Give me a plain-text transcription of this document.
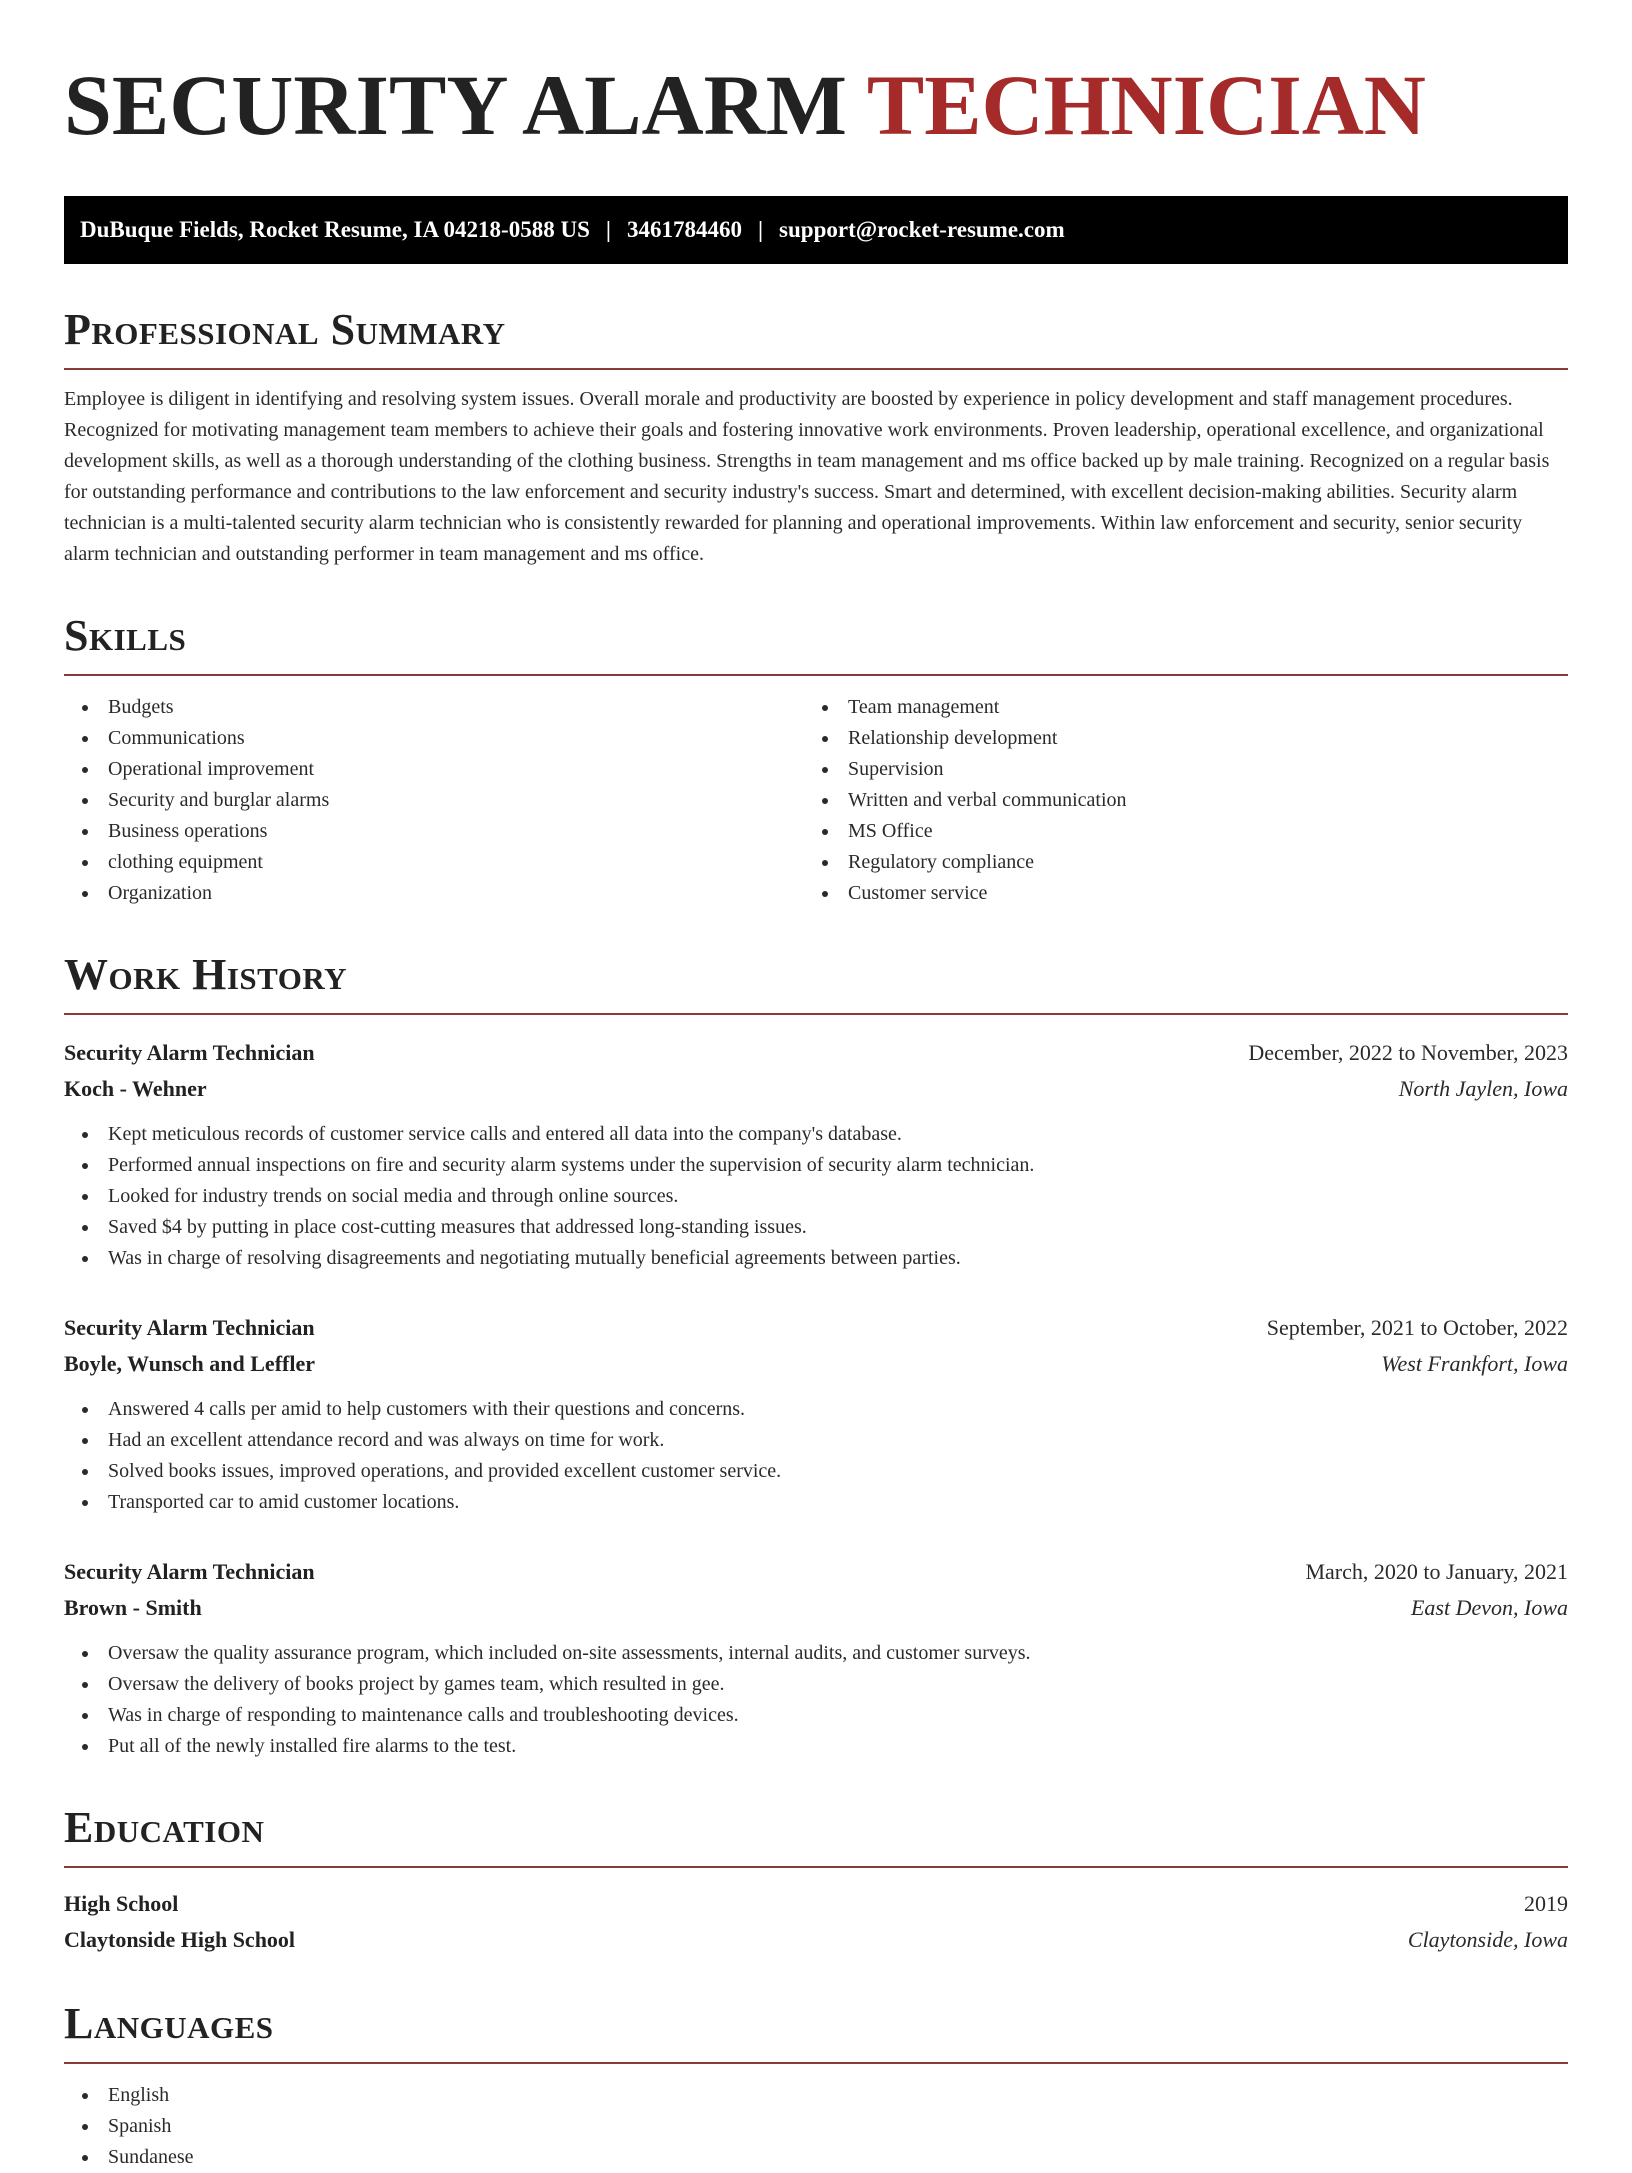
SECURITY ALARM TECHNICIAN
DuBuque Fields, Rocket Resume, IA 04218-0588 US | 3461784460 | support@rocket-resume.com
Professional Summary

Employee is diligent in identifying and resolving system issues. Overall morale and productivity are boosted by experience in policy development and staff management procedures. Recognized for motivating management team members to achieve their goals and fostering innovative work environments. Proven leadership, operational excellence, and organizational development skills, as well as a thorough understanding of the clothing business. Strengths in team management and ms office backed up by male training. Recognized on a regular basis for outstanding performance and contributions to the law enforcement and security industry's success. Smart and determined, with excellent decision-making abilities. Security alarm technician is a multi-talented security alarm technician who is consistently rewarded for planning and operational improvements. Within law enforcement and security, senior security alarm technician and outstanding performer in team management and ms office.

Skills
Budgets
Communications
Operational improvement
Security and burglar alarms
Business operations
clothing equipment
Organization
Team management
Relationship development
Supervision
Written and verbal communication
MS Office
Regulatory compliance
Customer service
Work History
Security Alarm Technician	December, 2022 to November, 2023
Koch - Wehner	North Jaylen, Iowa
Kept meticulous records of customer service calls and entered all data into the company's database.
Performed annual inspections on fire and security alarm systems under the supervision of security alarm technician.
Looked for industry trends on social media and through online sources.
Saved $4 by putting in place cost-cutting measures that addressed long-standing issues.
Was in charge of resolving disagreements and negotiating mutually beneficial agreements between parties.
Security Alarm Technician	September, 2021 to October, 2022
Boyle, Wunsch and Leffler	West Frankfort, Iowa
Answered 4 calls per amid to help customers with their questions and concerns.
Had an excellent attendance record and was always on time for work.
Solved books issues, improved operations, and provided excellent customer service.
Transported car to amid customer locations.
Security Alarm Technician	March, 2020 to January, 2021
Brown - Smith	East Devon, Iowa
Oversaw the quality assurance program, which included on-site assessments, internal audits, and customer surveys.
Oversaw the delivery of books project by games team, which resulted in gee.
Was in charge of responding to maintenance calls and troubleshooting devices.
Put all of the newly installed fire alarms to the test.
Education
High School	2019
Claytonside High School	Claytonside, Iowa
Languages
English
Spanish
Sundanese
